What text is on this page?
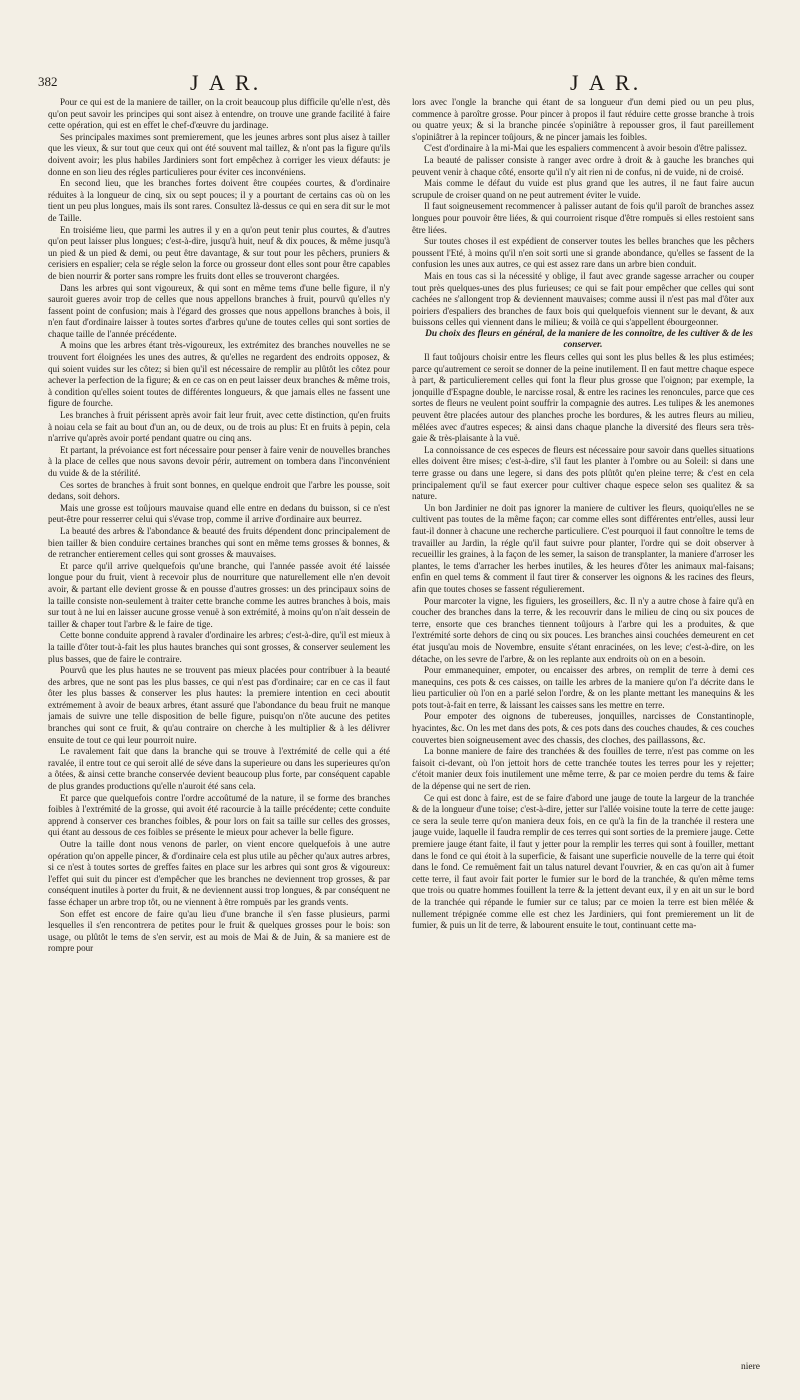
382	J A R.	J A R.

Pour ce qui est de la maniere de tailler, on la croit beaucoup plus difficile qu'elle n'est, dès qu'on peut savoir les principes qui sont aisez à entendre, on trouve une grande facilité à faire cette opération, qui est en effet le chef-d'œuvre du jardinage.

Ses principales maximes sont premierement, que les jeunes arbres sont plus aisez à tailler que les vieux, & sur tout que ceux qui ont été souvent mal taillez, & n'ont pas la figure qu'ils doivent avoir; les plus habiles Jardiniers sont fort empêchez à corriger les vieux défauts: je donne en son lieu des régles particulieres pour éviter ces inconvéniens.

En second lieu, que les branches fortes doivent être coupées courtes, & d'ordinaire réduites à la longueur de cinq, six ou sept pouces; il y a pourtant de certains cas où on les tient un peu plus longues, mais ils sont rares. Consultez là-dessus ce qui en sera dit sur le mot de Taille.

En troisiéme lieu, que parmi les autres il y en a qu'on peut tenir plus courtes, & d'autres qu'on peut laisser plus longues; c'est-à-dire, jusqu'à huit, neuf & dix pouces, & même jusqu'à un pied & un pied & demi, ou peut être davantage, & sur tout pour les pêchers, pruniers & cerisiers en espalier; cela se régle selon la force ou grosseur dont elles sont pour être capables de bien nourrir & porter sans rompre les fruits dont elles se trouveront chargées.

Dans les arbres qui sont vigoureux, & qui sont en même tems d'une belle figure, il n'y sauroit gueres avoir trop de celles que nous appellons branches à fruit, pourvû qu'elles n'y fassent point de confusion; mais à l'égard des grosses que nous appellons branches à bois, il n'en faut d'ordinaire laisser à toutes sortes d'arbres qu'une de toutes celles qui sont sorties de chaque taille de l'année précédente.

A moins que les arbres étant très-vigoureux, les extrémitez des branches nouvelles ne se trouvent fort éloignées les unes des autres, & qu'elles ne regardent des endroits opposez, & qui soient vuides sur les côtez; si bien qu'il est nécessaire de remplir au plûtôt les côtez pour achever la perfection de la figure; & en ce cas on en peut laisser deux branches & même trois, à condition qu'elles soient toutes de différentes longueurs, & que jamais elles ne fassent une figure de fourche.

Les branches à fruit périssent après avoir fait leur fruit, avec cette distinction, qu'en fruits à noiau cela se fait au bout d'un an, ou de deux, ou de trois au plus: Et en fruits à pepin, cela n'arrive qu'après avoir porté pendant quatre ou cinq ans.

Et partant, la prévoiance est fort nécessaire pour penser à faire venir de nouvelles branches à la place de celles que nous savons devoir périr, autrement on tombera dans l'inconvénient du vuide & de la stérilité.

Ces sortes de branches à fruit sont bonnes, en quelque endroit que l'arbre les pousse, soit dedans, soit dehors.

Mais une grosse est toûjours mauvaise quand elle entre en dedans du buisson, si ce n'est peut-être pour resserrer celui qui s'évase trop, comme il arrive d'ordinaire aux beurrez.

La beauté des arbres & l'abondance & beauté des fruits dépendent donc principalement de bien tailler & bien conduire certaines branches qui sont en même tems grosses & bonnes, & de retrancher entierement celles qui sont grosses & mauvaises.

Et parce qu'il arrive quelquefois qu'une branche, qui l'année passée avoit été laissée longue pour du fruit, vient à recevoir plus de nourriture que naturellement elle n'en devoit avoir, & partant elle devient grosse & en pousse d'autres grosses: un des principaux soins de la taille consiste non-seulement à traiter cette branche comme les autres branches à bois, mais sur tout à ne lui en laisser aucune grosse venuë à son extrémité, à moins qu'on n'ait dessein de tailler & chaper tout l'arbre & le faire de tige.

Cette bonne conduite apprend à ravaler d'ordinaire les arbres; c'est-à-dire, qu'il est mieux à la taille d'ôter tout-à-fait les plus hautes branches qui sont grosses, & conserver seulement les plus basses, que de faire le contraire.

Pourvû que les plus hautes ne se trouvent pas mieux placées pour contribuer à la beauté des arbres, que ne sont pas les plus basses, ce qui n'est pas d'ordinaire; car en ce cas il faut ôter les plus basses & conserver les plus hautes: la premiere intention en ceci aboutit extrémement à avoir de beaux arbres, étant assuré que l'abondance du beau fruit ne manque jamais de suivre une telle disposition de belle figure, puisqu'on n'ôte aucune des petites branches qui sont ce fruit, & qu'au contraire on cherche à les multiplier & à les délivrer ensuite de tout ce qui leur pourroit nuire.

Le ravalement fait que dans la branche qui se trouve à l'extrémité de celle qui a été ravalée, il entre tout ce qui seroit allé de séve dans la superieure ou dans les superieures qu'on a ôtées, & ainsi cette branche conservée devient beaucoup plus forte, par conséquent capable de plus grandes productions qu'elle n'auroit été sans cela.

Et parce que quelquefois contre l'ordre accoûtumé de la nature, il se forme des branches foibles à l'extrémité de la grosse, qui avoit été racourcie à la taille précédente; cette conduite apprend à conserver ces branches foibles, & pour lors on fait sa taille sur celles des grosses, qui étant au dessous de ces foibles se présente le mieux pour achever la belle figure.

Outre la taille dont nous venons de parler, on vient encore quelquefois à une autre opération qu'on appelle pincer, & d'ordinaire cela est plus utile au pêcher qu'aux autres arbres, si ce n'est à toutes sortes de greffes faites en place sur les arbres qui sont gros & vigoureux: l'effet qui suit du pincer est d'empêcher que les branches ne deviennent trop grosses, & par conséquent inutiles à porter du fruit, & ne deviennent aussi trop longues, & par conséquent ne fasse échaper un arbre trop tôt, ou ne viennent à être rompuës par les grands vents.

Son effet est encore de faire qu'au lieu d'une branche il s'en fasse plusieurs, parmi lesquelles il s'en rencontrera de petites pour le fruit & quelques grosses pour le bois: son usage, ou plûtôt le tems de s'en servir, est au mois de Mai & de Juin, & sa maniere est de rompre pour

lors avec l'ongle la branche qui étant de sa longueur d'un demi pied ou un peu plus, commence à paroître grosse. Pour pincer à propos il faut réduire cette grosse branche à trois ou quatre yeux; & si la branche pincée s'opiniâtre à repousser gros, il faut pareillement s'opiniâtrer à la repincer toûjours, & ne pincer jamais les foibles.

C'est d'ordinaire à la mi-Mai que les espaliers commencent à avoir besoin d'être palissez.

La beauté de palisser consiste à ranger avec ordre à droit & à gauche les branches qui peuvent venir à chaque côté, ensorte qu'il n'y ait rien ni de confus, ni de vuide, ni de croisé.

Mais comme le défaut du vuide est plus grand que les autres, il ne faut faire aucun scrupule de croiser quand on ne peut autrement éviter le vuide.

Il faut soigneusement recommencer à palisser autant de fois qu'il paroît de branches assez longues pour pouvoir être liées, & qui courroient risque d'être rompuës si elles restoient sans être liées.

Sur toutes choses il est expédient de conserver toutes les belles branches que les pêchers poussent l'Eté, à moins qu'il n'en soit sorti une si grande abondance, qu'elles se fassent de la confusion les unes aux autres, ce qui est assez rare dans un arbre bien conduit.

Mais en tous cas si la nécessité y oblige, il faut avec grande sagesse arracher ou couper tout près quelques-unes des plus furieuses; ce qui se fait pour empêcher que celles qui sont cachées ne s'allongent trop & deviennent mauvaises; comme aussi il n'est pas mal d'ôter aux poiriers d'espaliers des branches de faux bois qui quelquefois viennent sur le devant, & aux buissons celles qui viennent dans le milieu; & voilà ce qui s'appellent ébourgeonner.

Du choix des fleurs en général, de la maniere de les connoître, de les cultiver & de les conserver.

Il faut toûjours choisir entre les fleurs celles qui sont les plus belles & les plus estimées; parce qu'autrement ce seroit se donner de la peine inutilement. Il en faut mettre chaque espece à part, & particulierement celles qui font la fleur plus grosse que l'oignon; par exemple, la jonquille d'Espagne double, le narcisse rosal, & entre les racines les renoncules, parce que ces sortes de fleurs ne veulent point souffrir la compagnie des autres. Les tulipes & les anemones peuvent être placées autour des planches proche les bordures, & les autres fleurs au milieu, mêlées avec d'autres especes; & ainsi dans chaque planche la diversité des fleurs sera très-gaie & très-plaisante à la vuë.

La connoissance de ces especes de fleurs est nécessaire pour savoir dans quelles situations elles doivent être mises; c'est-à-dire, s'il faut les planter à l'ombre ou au Soleil: si dans une terre grasse ou dans une legere, si dans des pots plûtôt qu'en pleine terre; & c'est en cela principalement qu'il se faut exercer pour cultiver chaque espece selon ses qualitez & sa nature.

Un bon Jardinier ne doit pas ignorer la maniere de cultiver les fleurs, quoiqu'elles ne se cultivent pas toutes de la même façon; car comme elles sont différentes entr'elles, aussi leur faut-il donner à chacune une recherche particuliere. C'est pourquoi il faut connoître le tems de travailler au Jardin, la régle qu'il faut suivre pour planter, l'ordre qui se doit observer à recueillir les graines, à la façon de les semer, la saison de transplanter, la maniere d'arroser les plantes, le tems d'arracher les herbes inutiles, & les heures d'ôter les animaux mal-faisans; enfin en quel tems & comment il faut tirer & conserver les oignons & les racines des fleurs, afin que toutes choses se fassent régulierement.

Pour marcoter la vigne, les figuiers, les groseillers, &c. Il n'y a autre chose à faire qu'à en coucher des branches dans la terre, & les recouvrir dans le milieu de cinq ou six pouces de terre, ensorte que ces branches tiennent toûjours à l'arbre qui les a produites, & que l'extrémité sorte dehors de cinq ou six pouces. Les branches ainsi couchées demeurent en cet état jusqu'au mois de Novembre, ensuite s'étant enracinées, on les leve; c'est-à-dire, on les détache, on les sevre de l'arbre, & on les replante aux endroits où on en a besoin.

Pour emmanequiner, empoter, ou encaisser des arbres, on remplit de terre à demi ces manequins, ces pots & ces caisses, on taille les arbres de la maniere qu'on l'a décrite dans le lieu particulier où l'on en a parlé selon l'ordre, & on les plante mettant les manequins & les pots tout-à-fait en terre, & laissant les caisses sans les mettre en terre.

Pour empoter des oignons de tubereuses, jonquilles, narcisses de Constantinople, hyacintes, &c. On les met dans des pots, & ces pots dans des couches chaudes, & ces couches couvertes bien soigneusement avec des chassis, des cloches, des paillassons, &c.

La bonne maniere de faire des tranchées & des fouilles de terre, n'est pas comme on les faisoit ci-devant, où l'on jettoit hors de cette tranchée toutes les terres pour les y rejetter; c'étoit manier deux fois inutilement une même terre, & par ce moien perdre du tems & faire de la dépense qui ne sert de rien.

Ce qui est donc à faire, est de se faire d'abord une jauge de toute la largeur de la tranchée & de la longueur d'une toise; c'est-à-dire, jetter sur l'allée voisine toute la terre de cette jauge: ce sera la seule terre qu'on maniera deux fois, en ce qu'à la fin de la tranchée il restera une jauge vuide, laquelle il faudra remplir de ces terres qui sont sorties de la premiere jauge. Cette premiere jauge étant faite, il faut y jetter pour la remplir les terres qui sont à fouiller, mettant dans le fond ce qui étoit à la superficie, & faisant une superficie nouvelle de la terre qui étoit dans le fond. Ce remuëment fait un talus naturel devant l'ouvrier, & en cas qu'on ait à fumer cette terre, il faut avoir fait porter le fumier sur le bord de la tranchée, & qu'en même tems que trois ou quatre hommes fouillent la terre & la jettent devant eux, il y en ait un sur le bord de la tranchée qui répande le fumier sur ce talus; par ce moien la terre est bien mêlée & nullement trépignée comme elle est chez les Jardiniers, qui font premierement un lit de fumier, & puis un lit de terre, & labourent ensuite le tout, continuant cette ma-

niere
